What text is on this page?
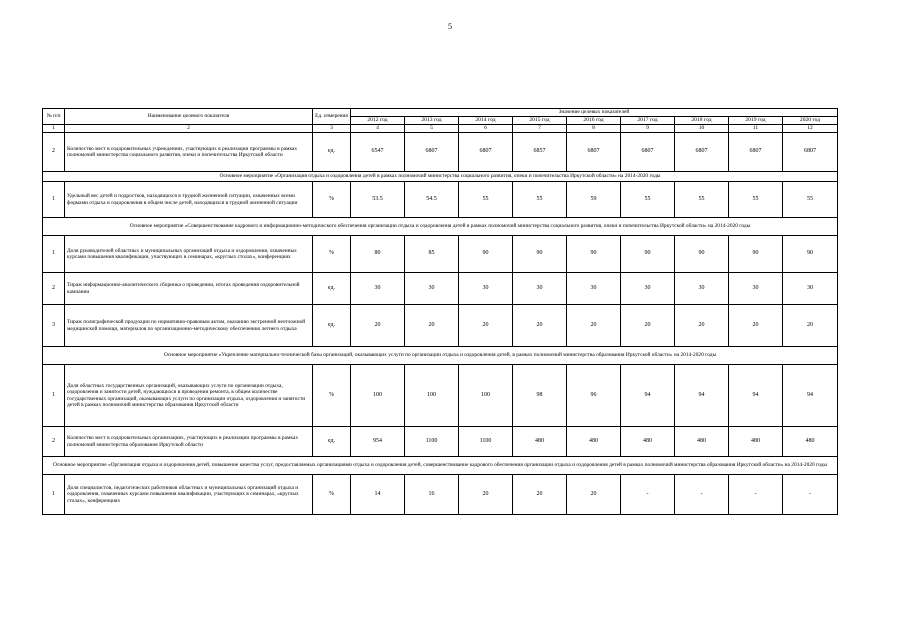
5
№ п/п	Наименование целевого показателя	Ед. измерения	Значение целевых показателей								
			2012 год	2013 год	2014 год	2015 год	2016 год	2017 год	2018 год	2019 год	2020 год
1	2	3	4	5	6	7	8	9	10	11	12
2	Количество мест в оздоровительных учреждениях, участвующих в реализации программы в рамках полномочий министерства социального развития, опеки и попечительства Иркутской области	ед.	6547	6807	6807	6857	6807	6807	6807	6807	6807
Основное мероприятие «Организация отдыха и оздоровления детей в рамках полномочий министерства социального развития, опеки и попечительства Иркутской области» на 2014-2020 годы											
1	Удельный вес детей и подростков, находящихся в трудной жизненной ситуации, охваченных всеми формами отдыха и оздоровления в общем числе детей, находящихся в трудной жизненной ситуации	%	53.5	54.5	55	55	59	55	55	55	55
Основное мероприятие «Совершенствование кадрового и информационно-методического обеспечения организации отдыха и оздоровления детей в рамках полномочий министерства социального развития, опеки и попечительства Иркутской области» на 2014-2020 годы											
1	Доля руководителей областных и муниципальных организаций отдыха и оздоровления, охваченных курсами повышения квалификации, участвующих в семинарах, «круглых столах», конференциях	%	80	85	90	90	90	90	90	90	90
2	Тираж информационно-аналитического сборника о проведении, итогах проведения оздоровительной кампании	ед.	30	30	30	30	30	30	30	30	30
3	Тираж полиграфической продукции по нормативно-правовым актам, оказанию экстренной неотложной медицинской помощи, материалов по организационно-методическому обеспечению летнего отдыха	ед.	20	20	20	20	20	20	20	20	20
Основное мероприятие «Укрепление материально-технической базы организаций, оказывающих услуги по организации отдыха и оздоровления детей, в рамках полномочий министерства образования Иркутской области» на 2014-2020 годы											
1	Доля областных государственных организаций, оказывающих услуги по организации отдыха, оздоровления и занятости детей, нуждающихся в проведении ремонта, в общем количестве государственных организаций, оказывающих услуги по организации отдыха, оздоровления и занятости детей в рамках полномочий министерства образования Иркутской области	%	100	100	100	98	96	94	94	94	94
2	Количество мест в оздоровительных организациях, участвующих в реализации программы в рамках полномочий министерства образования Иркутской области	ед.	954	1100	1100	480	480	480	480	480	480
Основное мероприятие «Организация отдыха и оздоровления детей, повышение качества услуг, предоставляемых организациями отдыха и оздоровления детей, совершенствование кадрового обеспечения организации отдыха и оздоровления детей в рамках полномочий министерства образования Иркутской области» на 2014-2020 годы											
1	Доля специалистов, педагогических работников областных и муниципальных организаций отдыха и оздоровления, охваченных курсами повышения квалификации, участвующих в семинарах, «круглых столах», конференциях	%	14	16	20	20	20	-	-	-	-
